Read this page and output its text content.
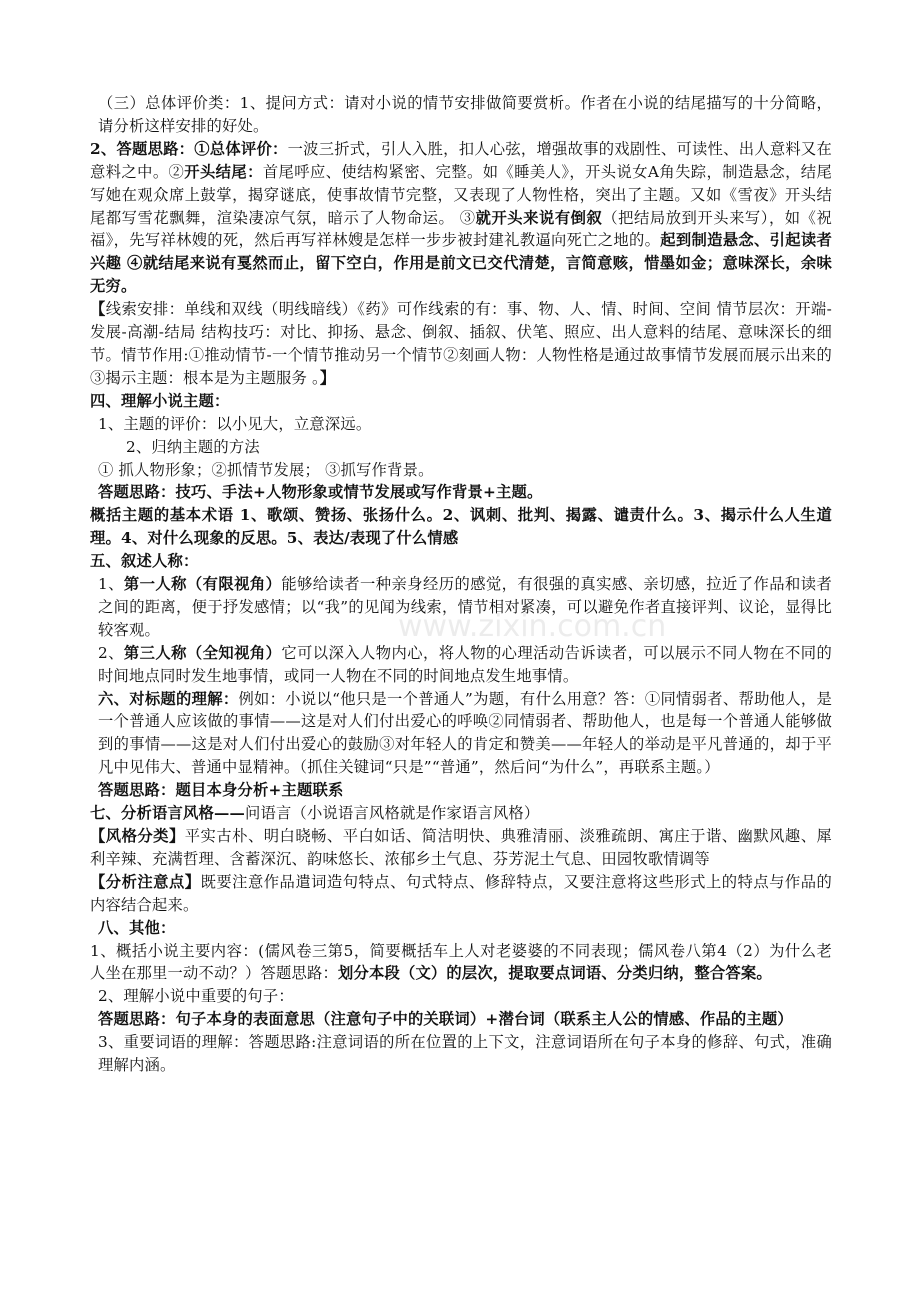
（三）总体评价类：1、提问方式：请对小说的情节安排做简要赏析。作者在小说的结尾描写的十分简略，请分析这样安排的好处。

2、答题思路：①总体评价：一波三折式，引人入胜，扣人心弦，增强故事的戏剧性、可读性、出人意料又在意料之中。②开头结尾：首尾呼应、使结构紧密、完整。如《睡美人》，开头说女A角失踪，制造悬念，结尾写她在观众席上鼓掌，揭穿谜底，使事故情节完整，又表现了人物性格，突出了主题。又如《雪夜》开头结尾都写雪花飘舞，渲染凄凉气氛，暗示了人物命运。 ③就开头来说有倒叙（把结局放到开头来写），如《祝福》，先写祥林嫂的死，然后再写祥林嫂是怎样一步步被封建礼教逼向死亡之地的。起到制造悬念、引起读者兴趣 ④就结尾来说有戛然而止，留下空白，作用是前文已交代清楚，言简意赅，惜墨如金；意味深长，余味无穷。

【线索安排：单线和双线（明线暗线）《药》可作线索的有：事、物、人、情、时间、空间 情节层次：开端-发展-高潮-结局 结构技巧：对比、抑扬、悬念、倒叙、插叙、伏笔、照应、出人意料的结尾、意味深长的细节。情节作用:①推动情节-一个情节推动另一个情节②刻画人物：人物性格是通过故事情节发展而展示出来的③揭示主题：根本是为主题服务 。】

四、理解小说主题：

1、主题的评价：以小见大，立意深远。

2、归纳主题的方法

① 抓人物形象；②抓情节发展； ③抓写作背景。

答题思路：技巧、手法+人物形象或情节发展或写作背景+主题。

概括主题的基本术语 1、歌颂、赞扬、张扬什么。2、讽刺、批判、揭露、谴责什么。3、揭示什么人生道理。4、对什么现象的反思。5、表达/表现了什么情感

五、叙述人称：

1、第一人称（有限视角）能够给读者一种亲身经历的感觉，有很强的真实感、亲切感，拉近了作品和读者之间的距离，便于抒发感情；以“我”的见闻为线索，情节相对紧凑，可以避免作者直接评判、议论，显得比较客观。

2、第三人称（全知视角）它可以深入人物内心，将人物的心理活动告诉读者，可以展示不同人物在不同的时间地点同时发生地事情，或同一人物在不同的时间地点发生地事情。

六、对标题的理解：例如：小说以“他只是一个普通人”为题，有什么用意？答：①同情弱者、帮助他人，是一个普通人应该做的事情——这是对人们付出爱心的呼唤②同情弱者、帮助他人，也是每一个普通人能够做到的事情——这是对人们付出爱心的鼓励③对年轻人的肯定和赞美——年轻人的举动是平凡普通的，却于平凡中见伟大、普通中显精神。（抓住关键词“只是”“普通”，然后问“为什么”，再联系主题。）

答题思路：题目本身分析+主题联系

七、分析语言风格——问语言（小说语言风格就是作家语言风格）

【风格分类】平实古朴、明白晓畅、平白如话、简洁明快、典雅清丽、淡雅疏朗、寓庄于谐、幽默风趣、犀利辛辣、充满哲理、含蓄深沉、韵味悠长、浓郁乡土气息、芬芳泥土气息、田园牧歌情调等

【分析注意点】既要注意作品遣词造句特点、句式特点、修辞特点，又要注意将这些形式上的特点与作品的内容结合起来。

八、其他：

1、概括小说主要内容：(儒风卷三第5，简要概括车上人对老婆婆的不同表现；儒风卷八第4（2）为什么老人坐在那里一动不动？）答题思路：划分本段（文）的层次，提取要点词语、分类归纳，整合答案。

2、理解小说中重要的句子：

答题思路：句子本身的表面意思（注意句子中的关联词）+潜台词（联系主人公的情感、作品的主题）

3、重要词语的理解：答题思路:注意词语的所在位置的上下文，注意词语所在句子本身的修辞、句式，准确理解内涵。

www.zixin.com.cn
